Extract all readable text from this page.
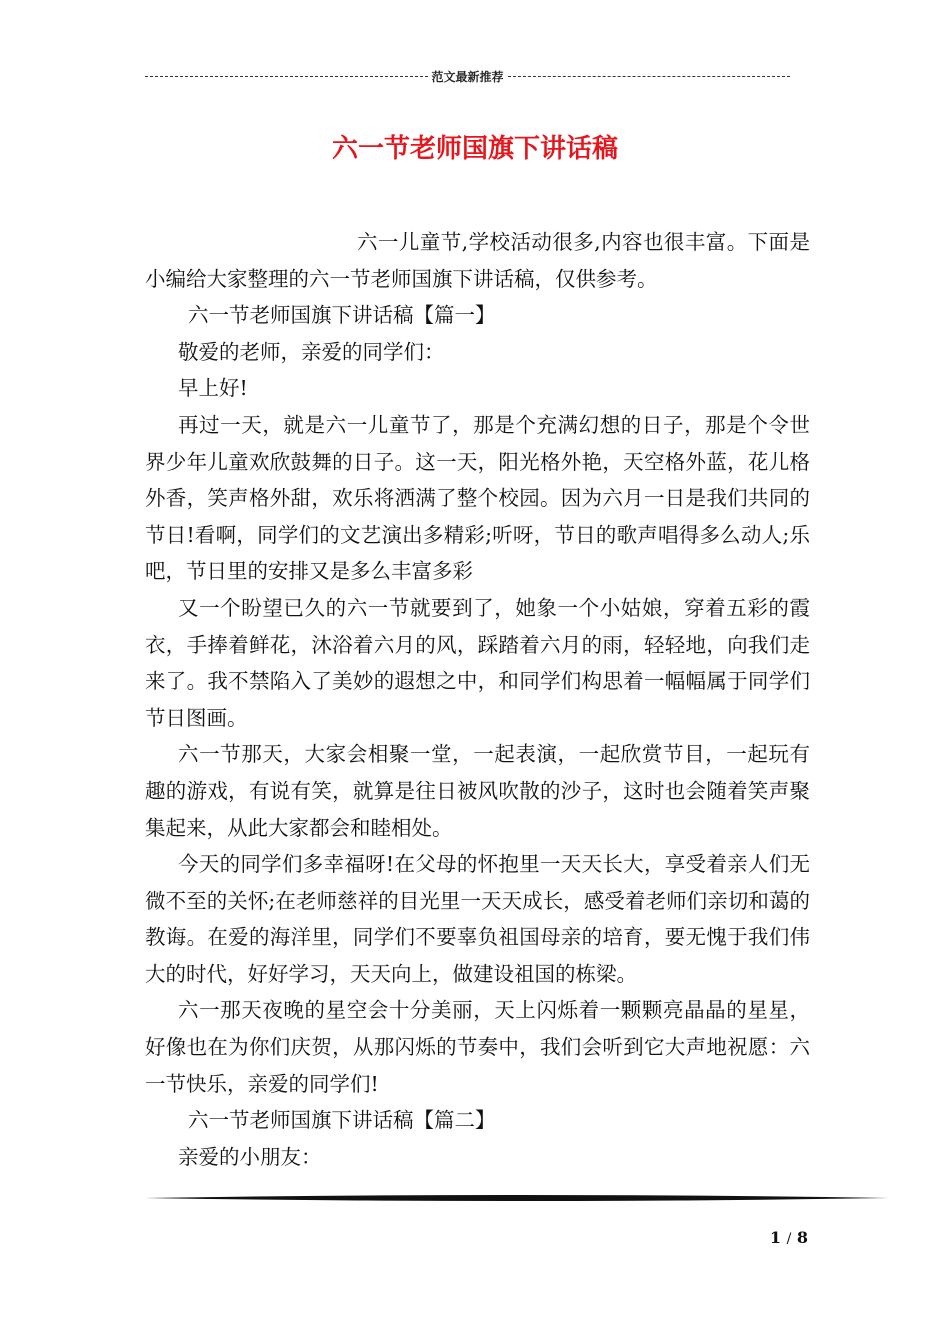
范文最新推荐
六一节老师国旗下讲话稿

六一儿童节,学校活动很多,内容也很丰富。下面是小编给大家整理的六一节老师国旗下讲话稿，仅供参考。

六一节老师国旗下讲话稿【篇一】

敬爱的老师，亲爱的同学们：

早上好!

再过一天，就是六一儿童节了，那是个充满幻想的日子，那是个令世界少年儿童欢欣鼓舞的日子。这一天，阳光格外艳，天空格外蓝，花儿格外香，笑声格外甜，欢乐将洒满了整个校园。因为六月一日是我们共同的节日!看啊，同学们的文艺演出多精彩;听呀，节日的歌声唱得多么动人;乐吧，节日里的安排又是多么丰富多彩

又一个盼望已久的六一节就要到了，她象一个小姑娘，穿着五彩的霞衣，手捧着鲜花，沐浴着六月的风，踩踏着六月的雨，轻轻地，向我们走来了。我不禁陷入了美妙的遐想之中，和同学们构思着一幅幅属于同学们节日图画。

六一节那天，大家会相聚一堂，一起表演，一起欣赏节目，一起玩有趣的游戏，有说有笑，就算是往日被风吹散的沙子，这时也会随着笑声聚集起来，从此大家都会和睦相处。

今天的同学们多幸福呀!在父母的怀抱里一天天长大，享受着亲人们无微不至的关怀;在老师慈祥的目光里一天天成长，感受着老师们亲切和蔼的教诲。在爱的海洋里，同学们不要辜负祖国母亲的培育，要无愧于我们伟大的时代，好好学习，天天向上，做建设祖国的栋梁。

六一那天夜晚的星空会十分美丽，天上闪烁着一颗颗亮晶晶的星星，好像也在为你们庆贺，从那闪烁的节奏中，我们会听到它大声地祝愿：六一节快乐，亲爱的同学们!

六一节老师国旗下讲话稿【篇二】

亲爱的小朋友：

1 / 8
